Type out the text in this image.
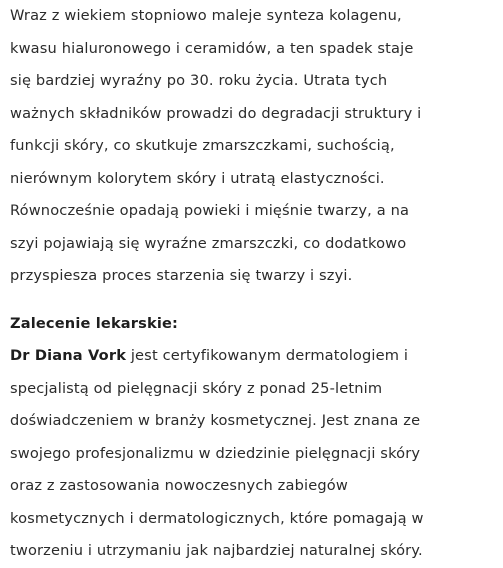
Wraz z wiekiem stopniowo maleje synteza kolagenu,
kwasu hialuronowego i ceramidów, a ten spadek staje
się bardziej wyraźny po 30. roku życia. Utrata tych
ważnych składników prowadzi do degradacji struktury i
funkcji skóry, co skutkuje zmarszczkami, suchością,
nierównym kolorytem skóry i utratą elastyczności.
Równocześnie opadają powieki i mięśnie twarzy, a na
szyi pojawiają się wyraźne zmarszczki, co dodatkowo
przyspiesza proces starzenia się twarzy i szyi.
Zalecenie lekarskie:
Dr Diana Vork jest certyfikowanym dermatologiem i
specjalistą od pielęgnacji skóry z ponad 25-letnim
doświadczeniem w branży kosmetycznej. Jest znana ze
swojego profesjonalizmu w dziedzinie pielęgnacji skóry
oraz z zastosowania nowoczesnych zabiegów
kosmetycznych i dermatologicznych, które pomagają w
tworzeniu i utrzymaniu jak najbardziej naturalnej skóry.
